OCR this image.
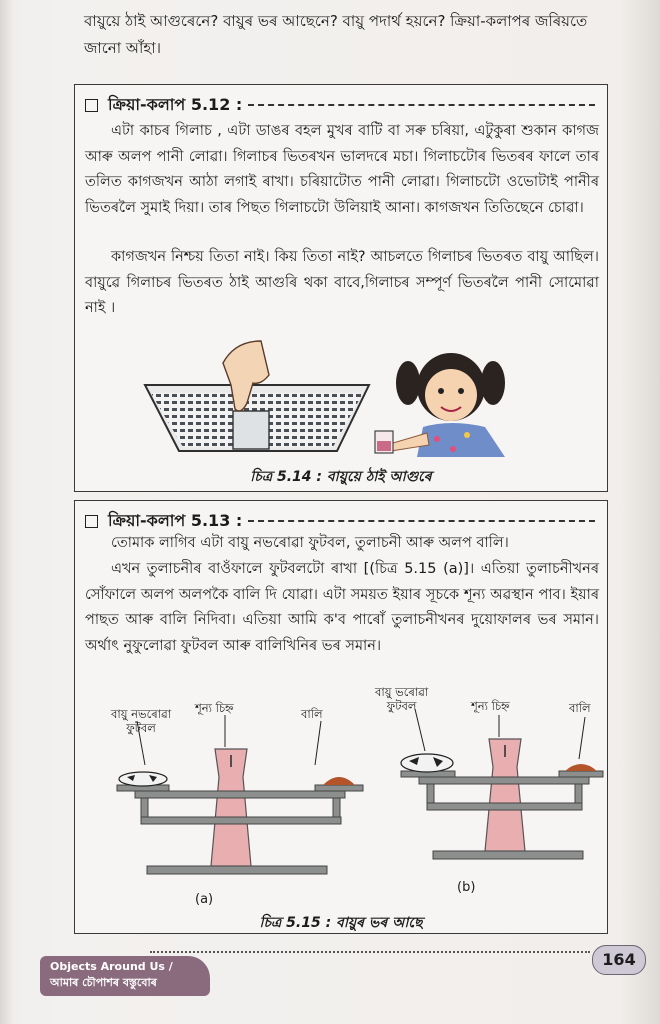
বায়ুয়ে ঠাই আগুৰেনে? বায়ুৰ ভৰ আছেনে? বায়ু পদাৰ্থ হয়নে? ক্ৰিয়া-কলাপৰ জৰিয়তে জানো আঁহা।
ক্ৰিয়া-কলাপ 5.12 :
এটা কাচৰ গিলাচ , এটা ডাঙৰ বহল মুখৰ বাটি বা সৰু চৰিয়া, এটুকুৰা শুকান কাগজ আৰু অলপ পানী লোৱা। গিলাচৰ ভিতৰখন ভালদৰে মচা। গিলাচটোৰ ভিতৰৰ ফালে তাৰ তলিত কাগজখন আঠা লগাই ৰাখা। চৰিয়াটোত পানী লোৱা। গিলাচটো ওভোটাই পানীৰ ভিতৰলৈ সুমাই দিয়া। তাৰ পিছত গিলাচটো উলিয়াই আনা। কাগজখন তিতিছেনে চোৱা।
কাগজখন নিশ্চয় তিতা নাই। কিয় তিতা নাই? আচলতে গিলাচৰ ভিতৰত বায়ু আছিল। বায়ুৱে গিলাচৰ ভিতৰত ঠাই আগুৰি থকা বাবে,গিলাচৰ সম্পূৰ্ণ ভিতৰলৈ পানী সোমোৱা নাই ।
চিত্ৰ 5.14 : বায়ুয়ে ঠাই আগুৰে
ক্ৰিয়া-কলাপ 5.13 :
তোমাক লাগিব এটা বায়ু নভৰোৱা ফুটবল, তুলাচনী আৰু অলপ বালি।
এখন তুলাচনীৰ বাওঁফালে ফুটবলটো ৰাখা [(চিত্ৰ 5.15 (a)]। এতিয়া তুলাচনীখনৰ সোঁফালে অলপ অলপকৈ বালি দি যোৱা। এটা সময়ত ইয়াৰ সূচকে শূন্য অৱস্থান পাব। ইয়াৰ পাছত আৰু বালি নিদিবা। এতিয়া আমি ক'ব পাৰোঁ তুলাচনীখনৰ দুয়োফালৰ ভৰ সমান। অৰ্থাৎ নুফুলোৱা ফুটবল আৰু বালিখিনিৰ ভৰ সমান।
বায়ু নভৰোৱা
ফুটবল
শূন্য চিহ্ন	বালি
বায়ু ভৰোৱা
ফুটবল	শূন্য চিহ্ন	বালি
(a)
(b)
চিত্ৰ 5.15 : বায়ুৰ ভৰ আছে
Objects Around Us /
আমাৰ চৌপাশৰ বস্তুবোৰ
164
